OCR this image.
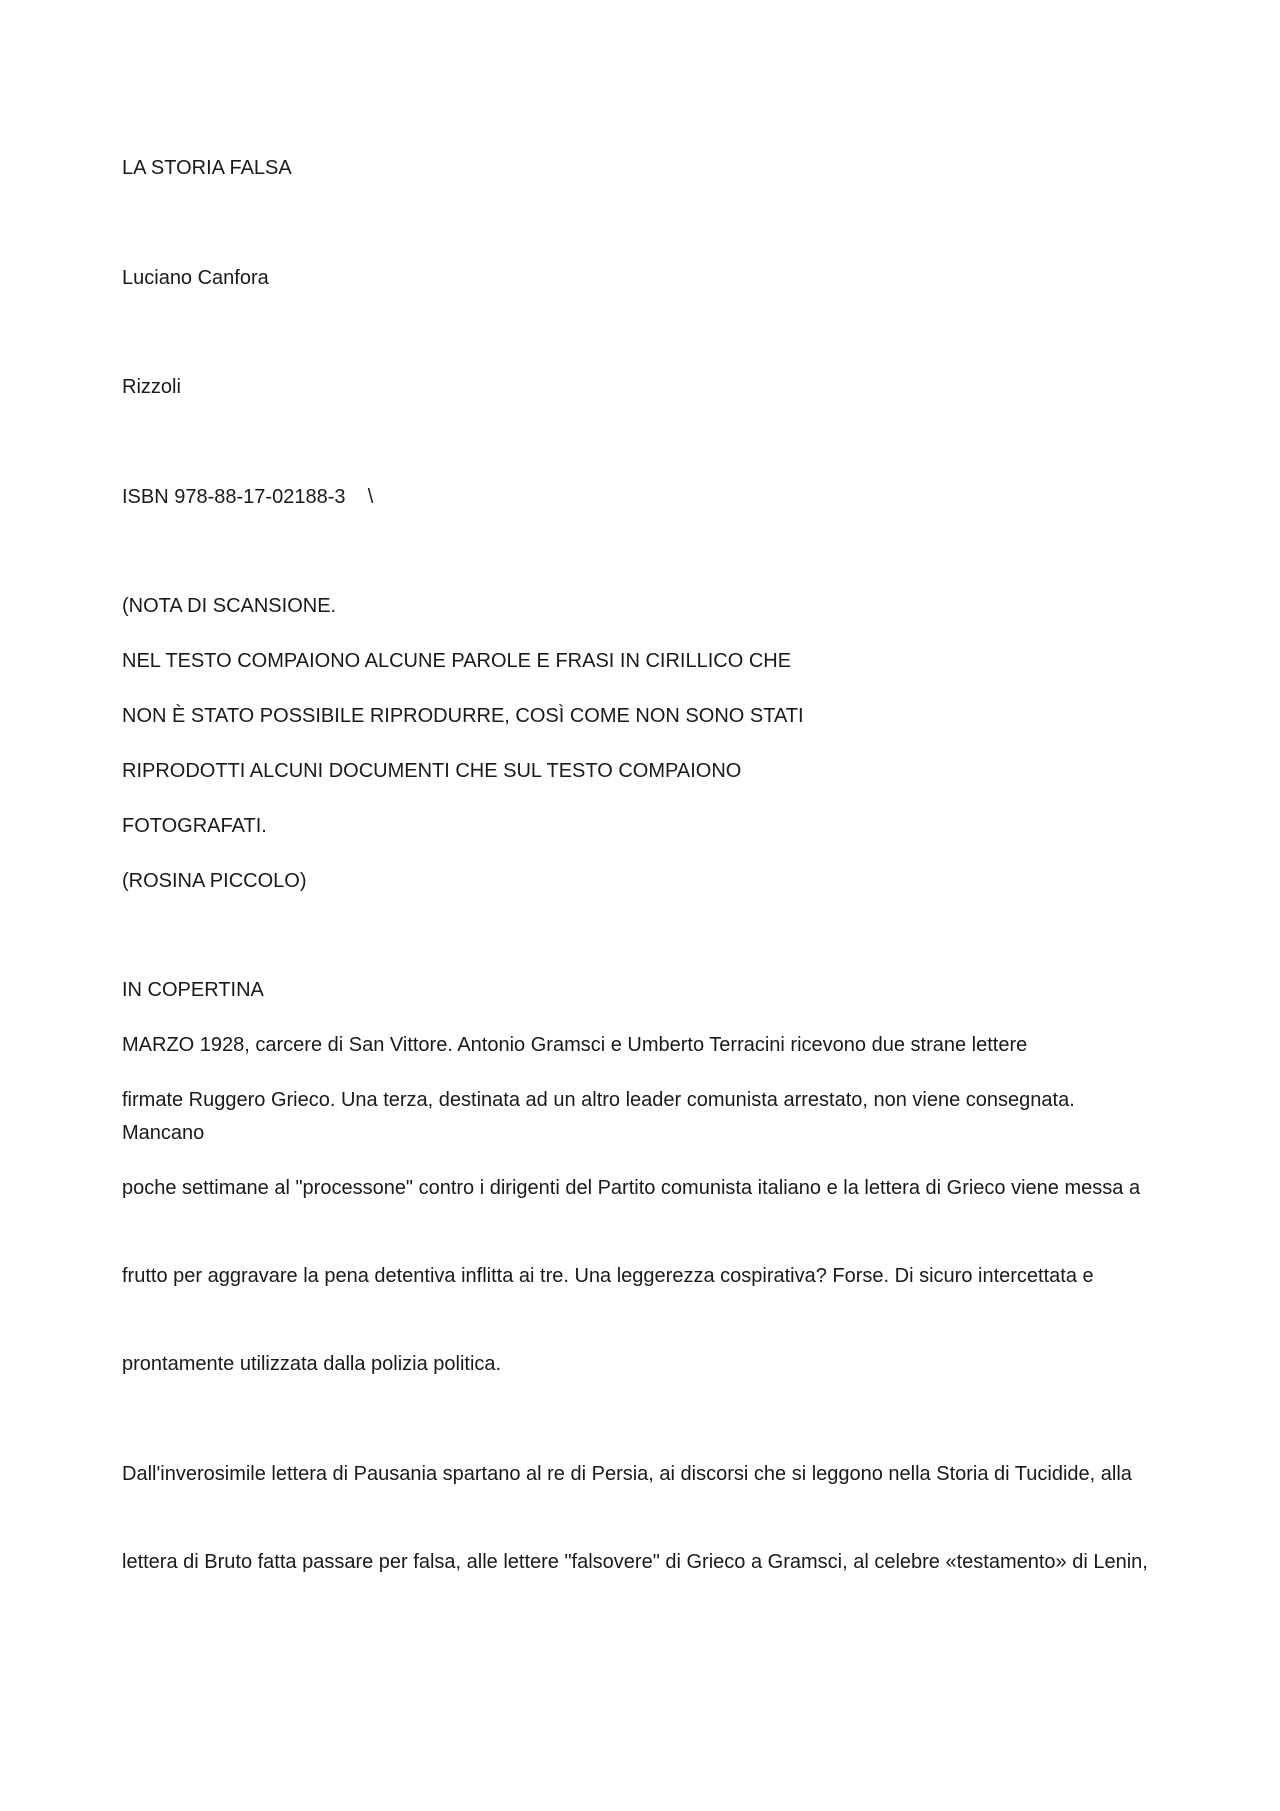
LA STORIA FALSA
Luciano Canfora
Rizzoli
ISBN 978-88-17-02188-3    \
(NOTA DI SCANSIONE.
NEL TESTO COMPAIONO ALCUNE PAROLE E FRASI IN CIRILLICO CHE
NON È STATO POSSIBILE RIPRODURRE, COSÌ COME NON SONO STATI
RIPRODOTTI ALCUNI DOCUMENTI CHE SUL TESTO COMPAIONO
FOTOGRAFATI.
(ROSINA PICCOLO)
IN COPERTINA
MARZO 1928, carcere di San Vittore. Antonio Gramsci e Umberto Terracini ricevono due strane lettere
firmate Ruggero Grieco. Una terza, destinata ad un altro leader comunista arrestato, non viene consegnata. Mancano
poche settimane al "processone" contro i dirigenti del Partito comunista italiano e la lettera di Grieco viene messa a
frutto per aggravare la pena detentiva inflitta ai tre. Una leggerezza cospirativa? Forse. Di sicuro intercettata e
prontamente utilizzata dalla polizia politica.
Dall'inverosimile lettera di Pausania spartano al re di Persia, ai discorsi che si leggono nella Storia di Tucidide, alla
lettera di Bruto fatta passare per falsa, alle lettere "falsovere" di Grieco a Gramsci, al celebre «testamento» di Lenin,
